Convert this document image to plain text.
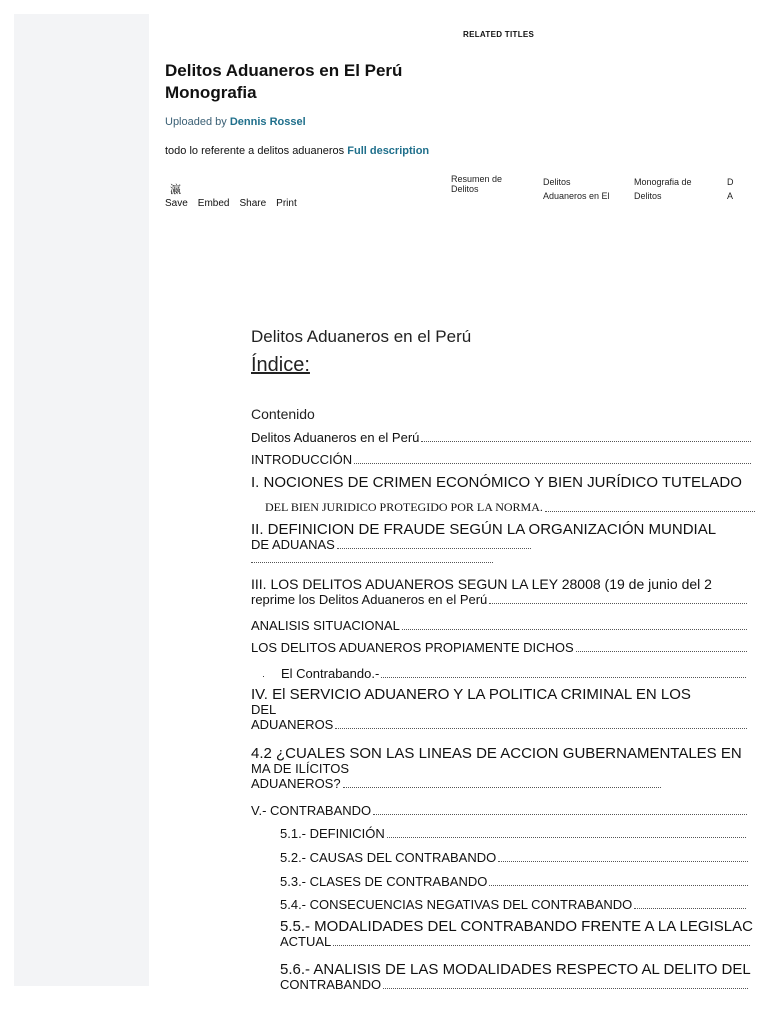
RELATED TITLES
Delitos Aduaneros en El Perú Monografia
Uploaded by Dennis Rossel
todo lo referente a delitos aduaneros Full description
瀛
Save Embed Share Print
Resumen de
Delitos
Delitos
Aduaneros en El
Monografia de
Delitos
D
A
Delitos Aduaneros en el Perú
Índice:
Contenido
Delitos Aduaneros en el Perú
INTRODUCCIÓN
I. NOCIONES DE CRIMEN ECONÓMICO Y BIEN JURÍDICO TUTELADO
DEL BIEN JURIDICO PROTEGIDO POR LA NORMA.
II. DEFINICION DE FRAUDE SEGÚN LA ORGANIZACIÓN MUNDIAL
DE ADUANAS
III. LOS DELITOS ADUANEROS SEGUN LA LEY 28008 (19 de junio del 2
reprime los Delitos Aduaneros en el Perú
ANALISIS SITUACIONAL
LOS DELITOS ADUANEROS PROPIAMENTE DICHOS
· El Contrabando.-
IV. El SERVICIO ADUANERO Y LA POLITICA CRIMINAL EN LOS
DEL
ADUANEROS
4.2 ¿CUALES SON LAS LINEAS DE ACCION GUBERNAMENTALES EN
MA DE ILÍCITOS
ADUANEROS?
V.- CONTRABANDO
5.1.- DEFINICIÓN
5.2.- CAUSAS DEL CONTRABANDO
5.3.- CLASES DE CONTRABANDO
5.4.- CONSECUENCIAS NEGATIVAS DEL CONTRABANDO
5.5.- MODALIDADES DEL CONTRABANDO FRENTE A LA LEGISLAC
ACTUAL
5.6.- ANALISIS DE LAS MODALIDADES RESPECTO AL DELITO DEL
CONTRABANDO
